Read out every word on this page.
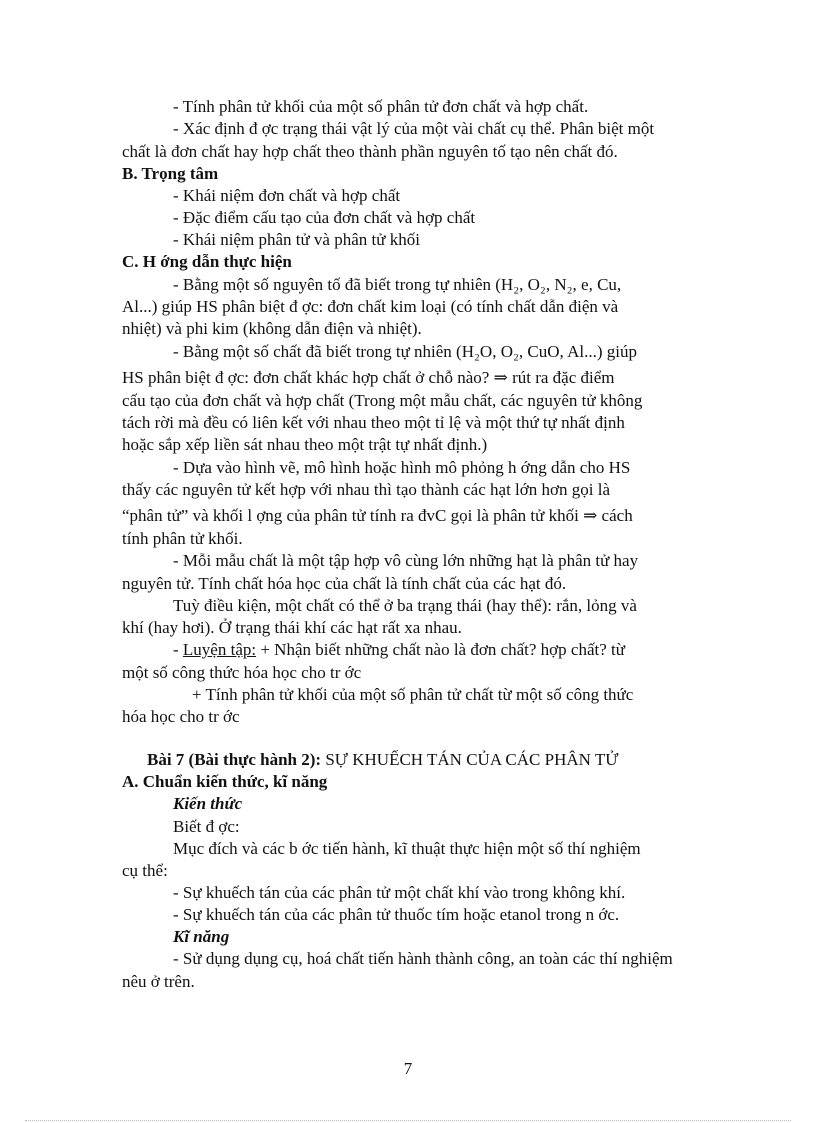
- Tính phân tử khối của một số phân tử đơn chất và hợp chất.
- Xác định đ ợc trạng thái vật lý của một vài chất cụ thể. Phân biệt một
chất là đơn chất hay hợp chất theo thành phần nguyên tố tạo nên chất đó.
B. Trọng tâm
- Khái niệm đơn chất và hợp chất
- Đặc điểm cấu tạo của đơn chất và hợp chất
- Khái niệm phân tử và phân tử khối
C. H ớng dẫn thực hiện
- Bằng một số nguyên tố đã biết trong tự nhiên (H₂, O₂, N₂, e, Cu,
Al...) giúp HS phân biệt đ ợc: đơn chất kim loại (có tính chất dẫn điện và
nhiệt) và phi kim (không dẫn điện và nhiệt).
- Bằng một số chất đã biết trong tự nhiên (H₂O, O₂, CuO, Al...) giúp
HS phân biệt đ ợc: đơn chất khác hợp chất ở chỗ nào? ⇒ rút ra đặc điểm
cấu tạo của đơn chất và hợp chất (Trong một mẫu chất, các nguyên tử không
tách rời mà đều có liên kết với nhau theo một tỉ lệ và một thứ tự nhất định
hoặc sắp xếp liền sát nhau theo một trật tự nhất định.)
- Dựa vào hình vẽ, mô hình hoặc hình mô phỏng h ớng dẫn cho HS
thấy các nguyên tử kết hợp với nhau thì tạo thành các hạt lớn hơn gọi là
“phân tử” và khối l ợng của phân tử tính ra đvC gọi là phân tử khối ⇒ cách
tính phân tử khối.
- Mỗi mẫu chất là một tập hợp vô cùng lớn những hạt là phân tử hay
nguyên tử. Tính chất hóa học của chất là tính chất của các hạt đó.
Tuỳ điều kiện, một chất có thể ở ba trạng thái (hay thể): rắn, lỏng và
khí (hay hơi). Ở trạng thái khí các hạt rất xa nhau.
- Luyện tập: + Nhận biết những chất nào là đơn chất? hợp chất? từ
một số công thức hóa học cho tr ớc
+ Tính phân tử khối của một số phân tử chất từ một số công thức
hóa học cho tr ớc
Bài 7 (Bài thực hành 2): SỰ KHUẾCH TÁN CỦA CÁC PHÂN TỬ
A. Chuẩn kiến thức, kĩ năng
Kiến thức
Biết đ ợc:
Mục đích và các b ớc tiến hành, kĩ thuật thực hiện một số thí nghiệm
cụ thể:
- Sự khuếch tán của các phân tử một chất khí vào trong không khí.
- Sự khuếch tán của các phân tử thuốc tím hoặc etanol trong n ớc.
Kĩ năng
- Sử dụng dụng cụ, hoá chất tiến hành thành công, an toàn các thí nghiệm
nêu ở trên.
7
